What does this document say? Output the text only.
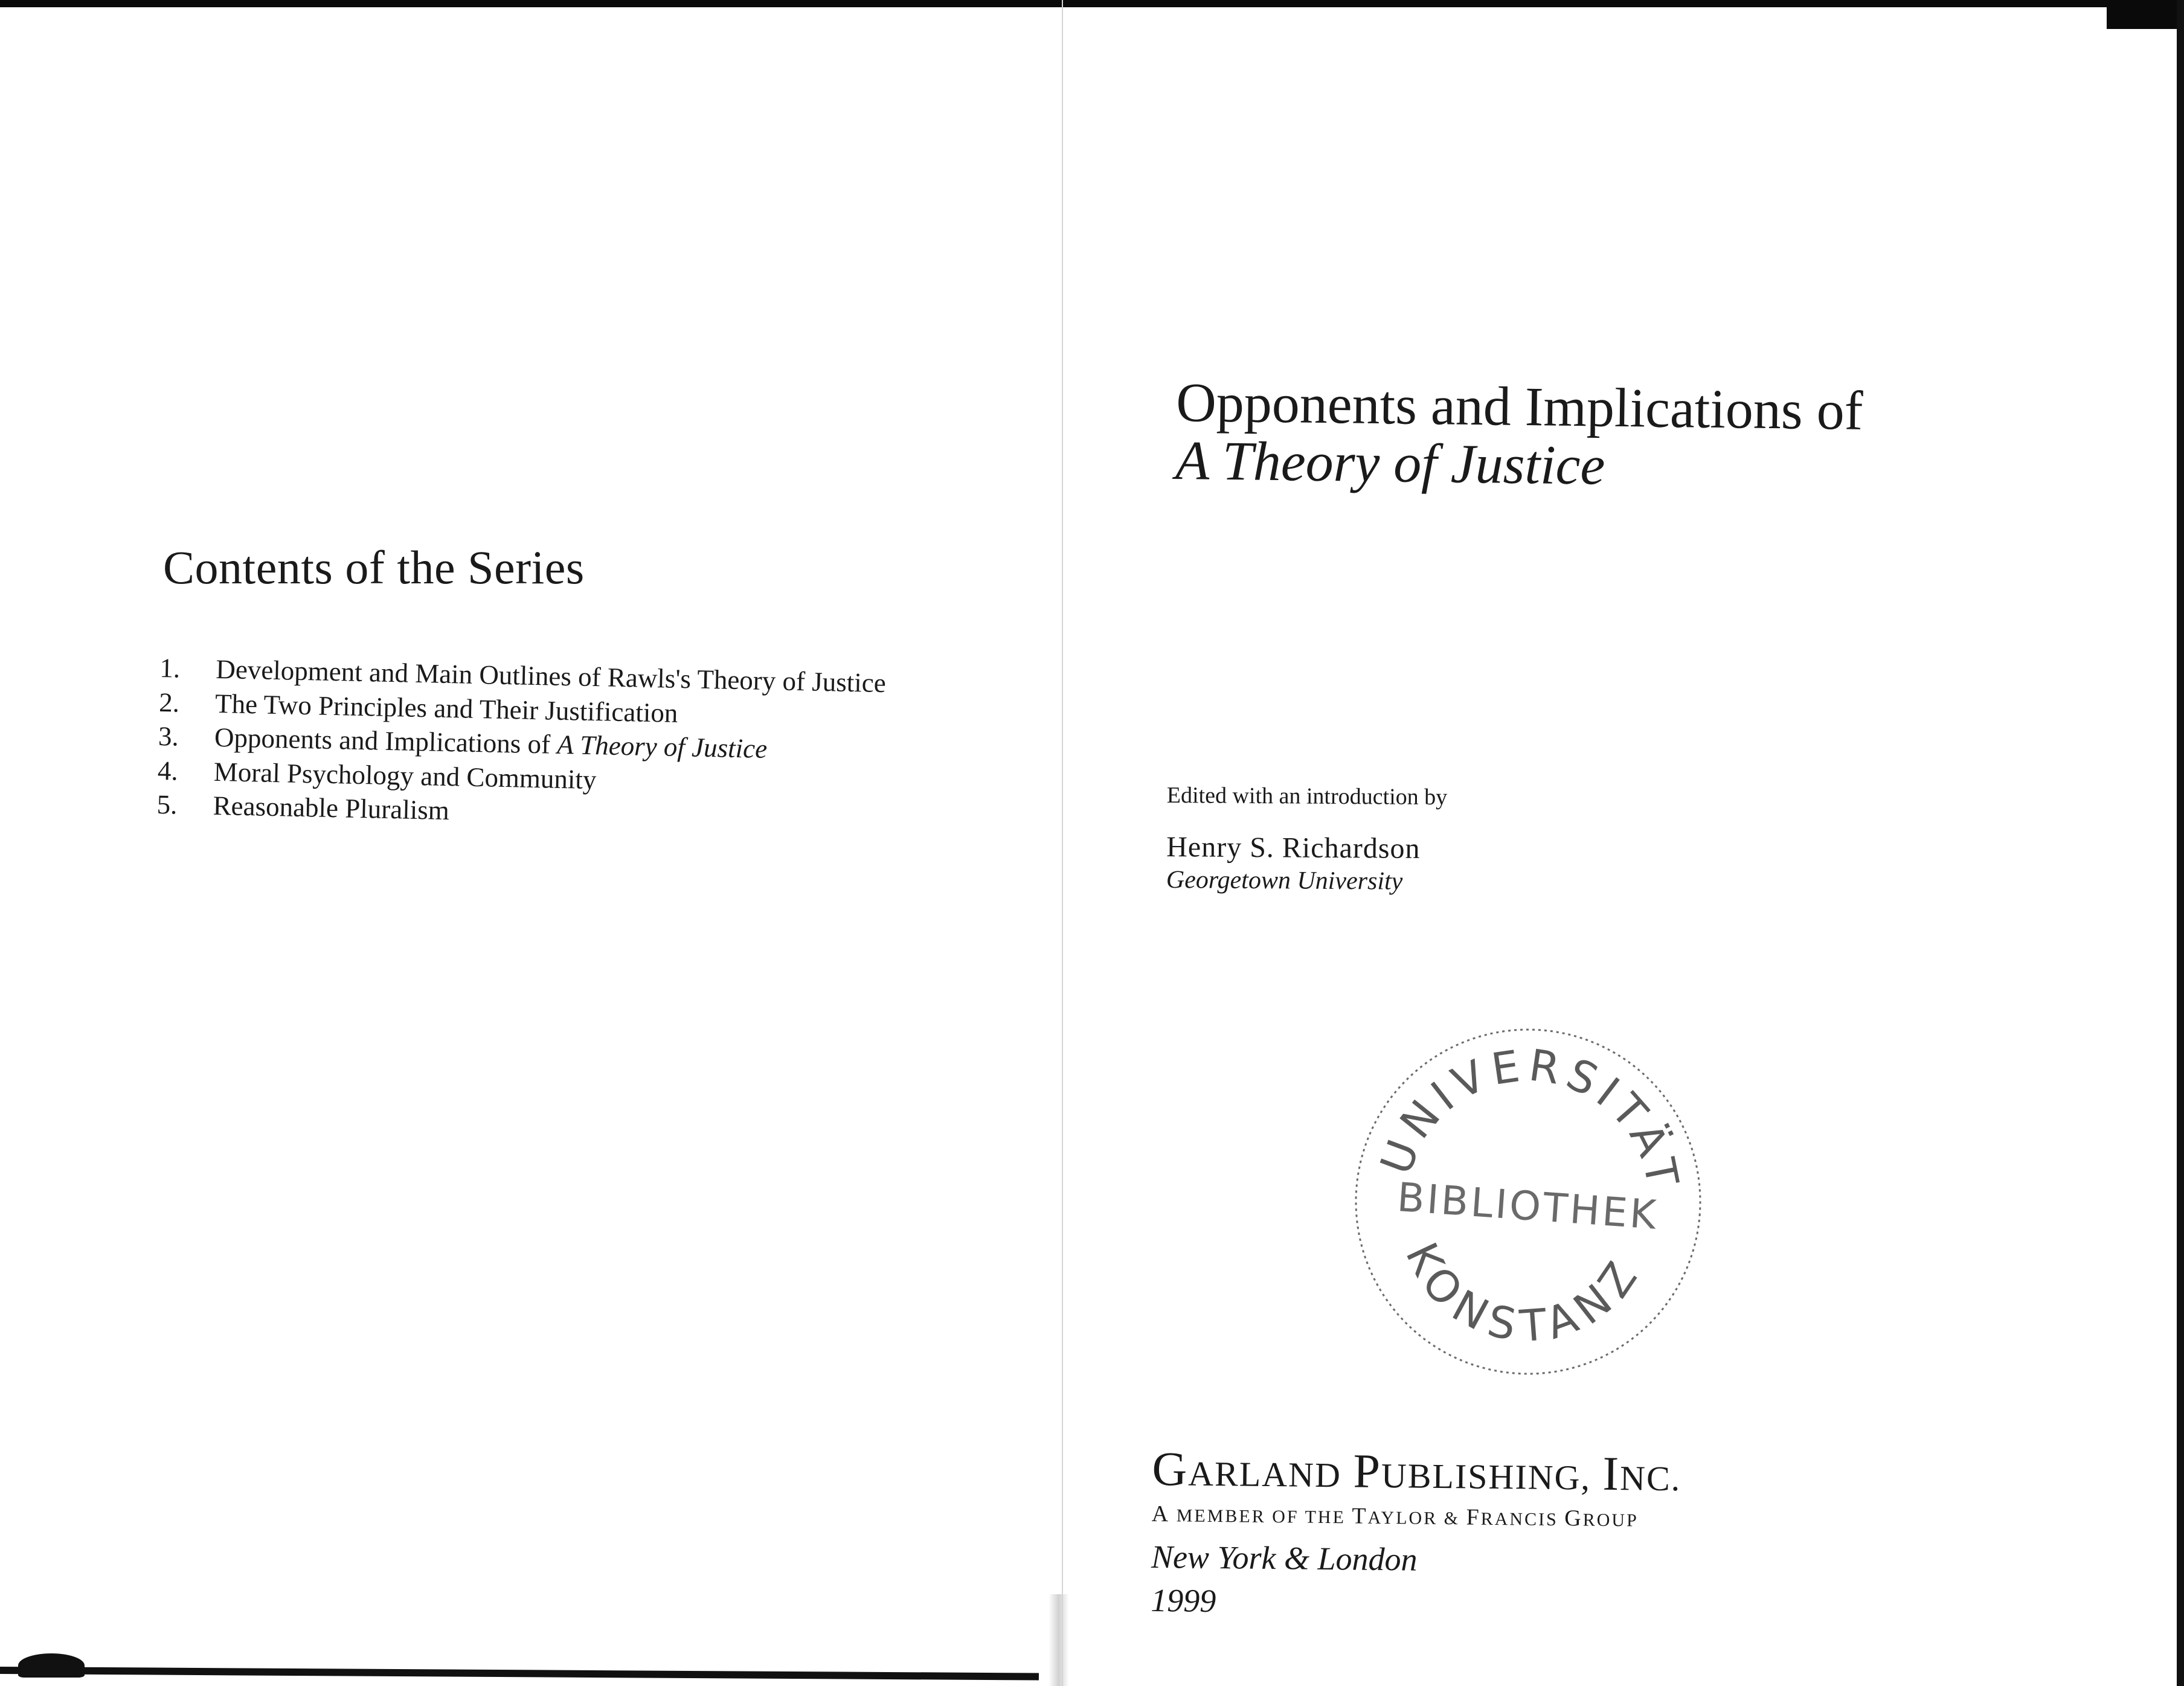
Contents of the Series
1.	Development and Main Outlines of Rawls's Theory of Justice
2.	The Two Principles and Their Justification
3.	Opponents and Implications of A Theory of Justice
4.	Moral Psychology and Community
5.	Reasonable Pluralism
Opponents and Implications of
A Theory of Justice
Edited with an introduction by
Henry S. Richardson
Georgetown University
UNIVERSITÄT
BIBLIOTHEK
KONSTANZ
GARLAND PUBLISHING, INC.
A MEMBER OF THE TAYLOR & FRANCIS GROUP
New York & London
1999
